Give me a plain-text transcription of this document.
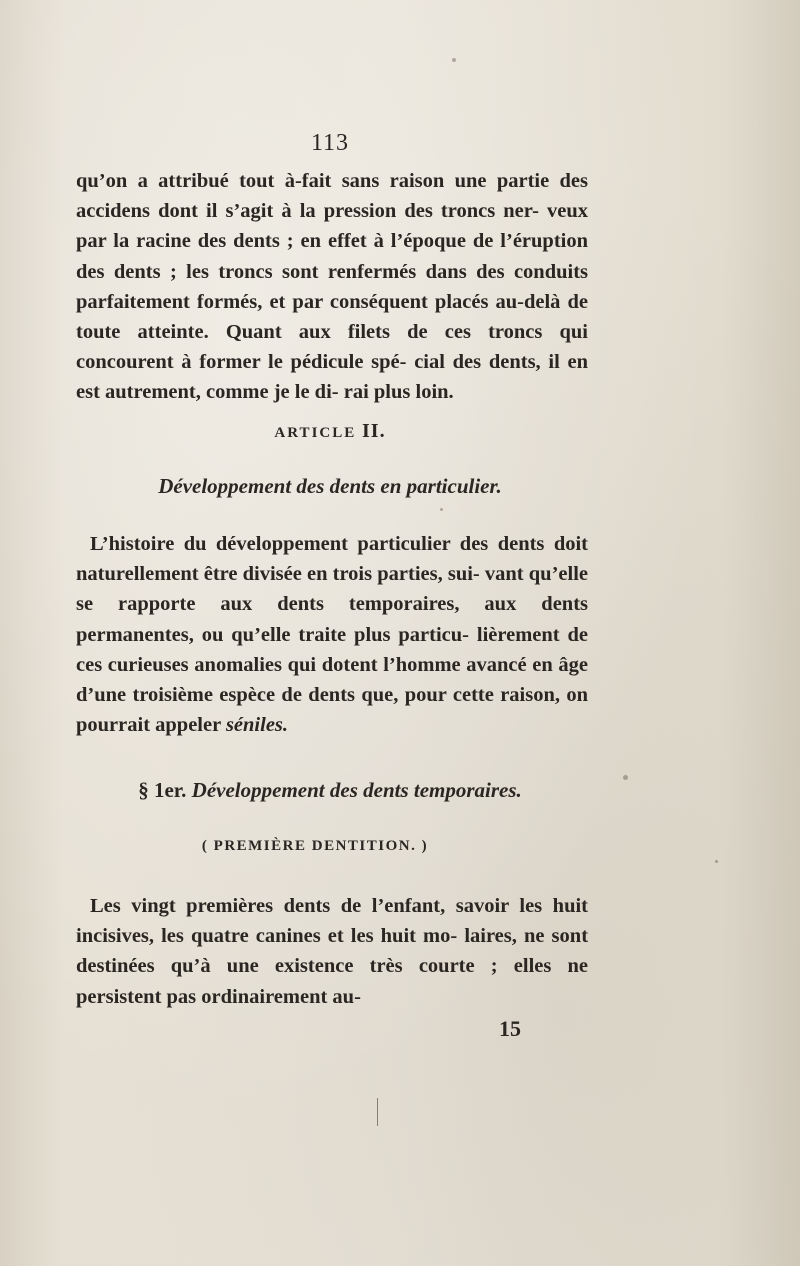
113

qu’on a attribué tout à-fait sans raison une partie des accidens dont il s’agit à la pression des troncs ner- veux par la racine des dents ; en effet à l’époque de l’éruption des dents ; les troncs sont renfermés dans des conduits parfaitement formés, et par conséquent placés au-delà de toute atteinte. Quant aux filets de ces troncs qui concourent à former le pédicule spé- cial des dents, il en est autrement, comme je le di- rai plus loin.

ARTICLE II.
Développement des dents en particulier.

L’histoire du développement particulier des dents doit naturellement être divisée en trois parties, sui- vant qu’elle se rapporte aux dents temporaires, aux dents permanentes, ou qu’elle traite plus particu- lièrement de ces curieuses anomalies qui dotent l’homme avancé en âge d’une troisième espèce de dents que, pour cette raison, on pourrait appeler séniles.

§ 1er. Développement des dents temporaires.
( PREMIÈRE DENTITION. )

Les vingt premières dents de l’enfant, savoir les huit incisives, les quatre canines et les huit mo- laires, ne sont destinées qu’à une existence très courte ; elles ne persistent pas ordinairement au-

15
